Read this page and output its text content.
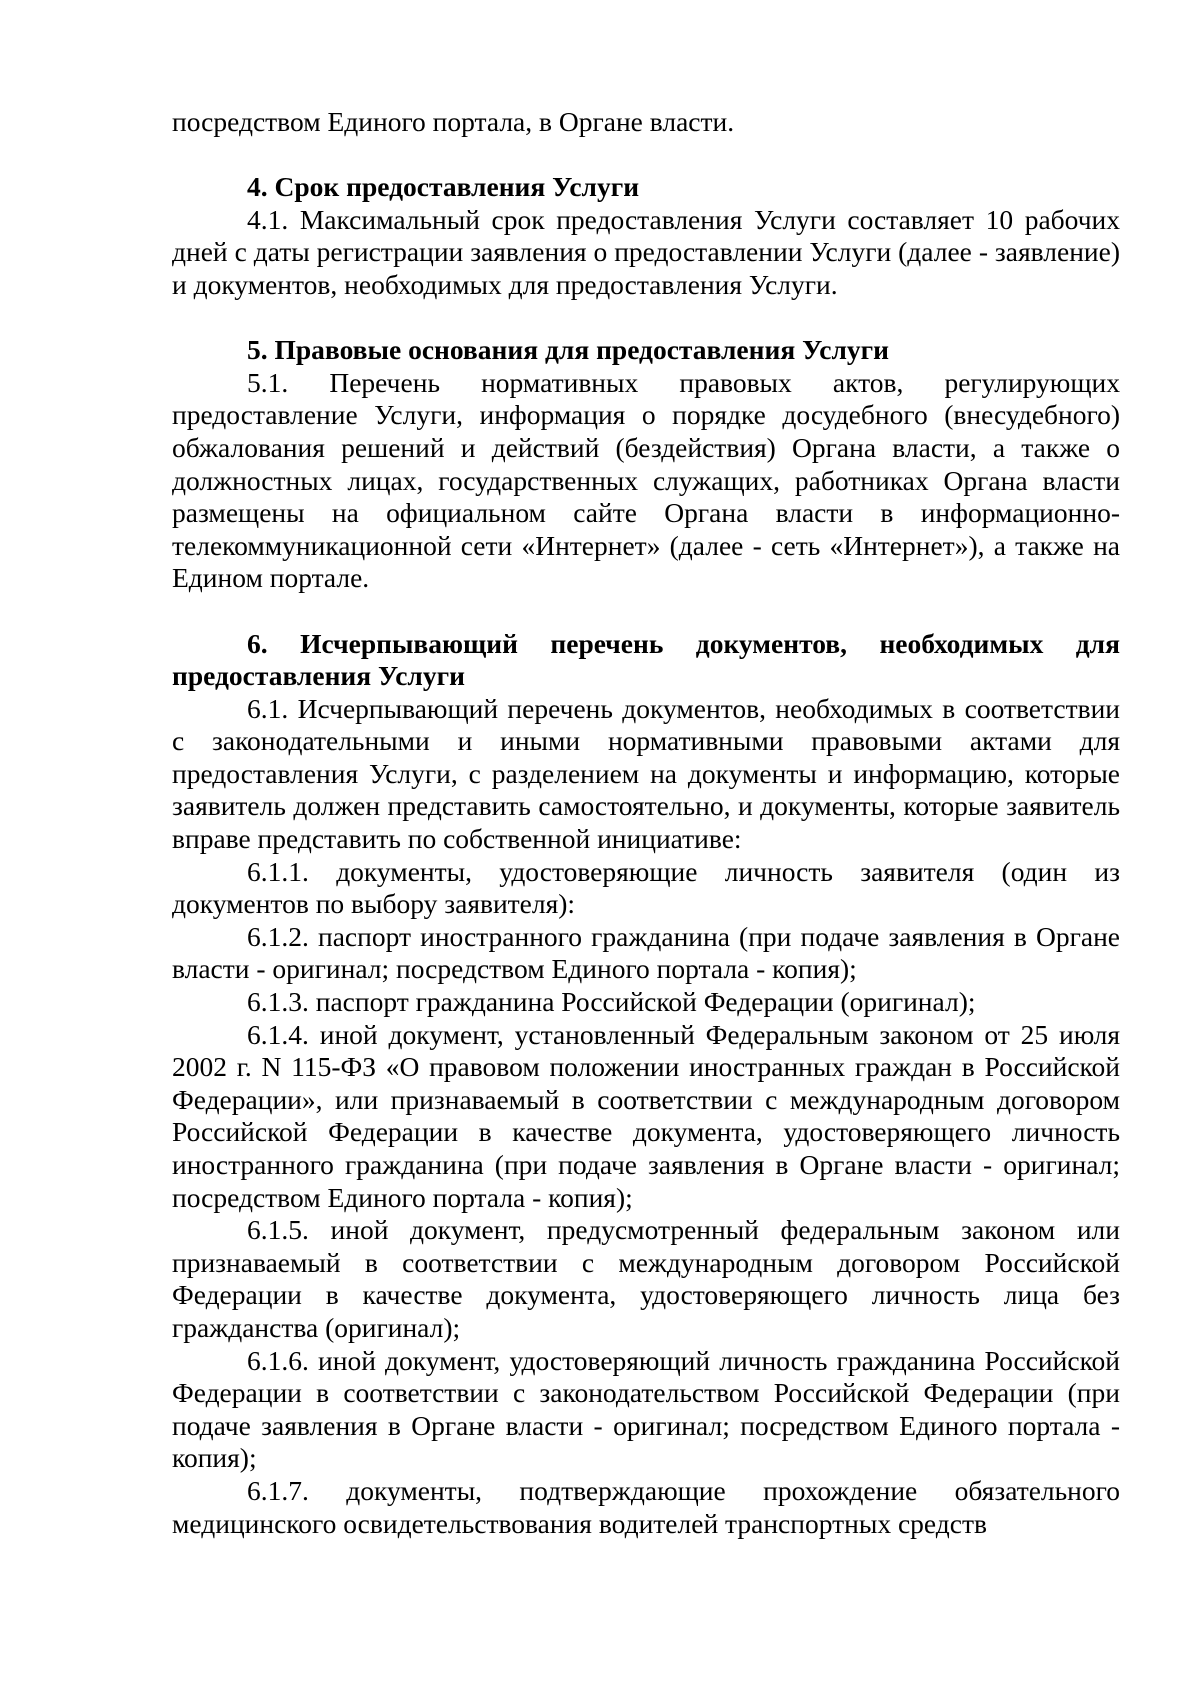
посредством Единого портала, в Органе власти.

4. Срок предоставления Услуги

4.1. Максимальный срок предоставления Услуги составляет 10 рабочих дней с даты регистрации заявления о предоставлении Услуги (далее - заявление) и документов, необходимых для предоставления Услуги.

5. Правовые основания для предоставления Услуги

5.1. Перечень нормативных правовых актов, регулирующих предоставление Услуги, информация о порядке досудебного (внесудебного) обжалования решений и действий (бездействия) Органа власти, а также о должностных лицах, государственных служащих, работниках Органа власти размещены на официальном сайте Органа власти в информационно-телекоммуникационной сети «Интернет» (далее - сеть «Интернет»), а также на Едином портале.

6. Исчерпывающий перечень документов, необходимых для предоставления Услуги

6.1. Исчерпывающий перечень документов, необходимых в соответствии с законодательными и иными нормативными правовыми актами для предоставления Услуги, с разделением на документы и информацию, которые заявитель должен представить самостоятельно, и документы, которые заявитель вправе представить по собственной инициативе:

6.1.1. документы, удостоверяющие личность заявителя (один из документов по выбору заявителя):

6.1.2. паспорт иностранного гражданина (при подаче заявления в Органе власти - оригинал; посредством Единого портала - копия);

6.1.3. паспорт гражданина Российской Федерации (оригинал);

6.1.4. иной документ, установленный Федеральным законом от 25 июля 2002 г. N 115-ФЗ «О правовом положении иностранных граждан в Российской Федерации», или признаваемый в соответствии с международным договором Российской Федерации в качестве документа, удостоверяющего личность иностранного гражданина (при подаче заявления в Органе власти - оригинал; посредством Единого портала - копия);

6.1.5. иной документ, предусмотренный федеральным законом или признаваемый в соответствии с международным договором Российской Федерации в качестве документа, удостоверяющего личность лица без гражданства (оригинал);

6.1.6. иной документ, удостоверяющий личность гражданина Российской Федерации в соответствии с законодательством Российской Федерации (при подаче заявления в Органе власти - оригинал; посредством Единого портала - копия);

6.1.7. документы, подтверждающие прохождение обязательного медицинского освидетельствования водителей транспортных средств
